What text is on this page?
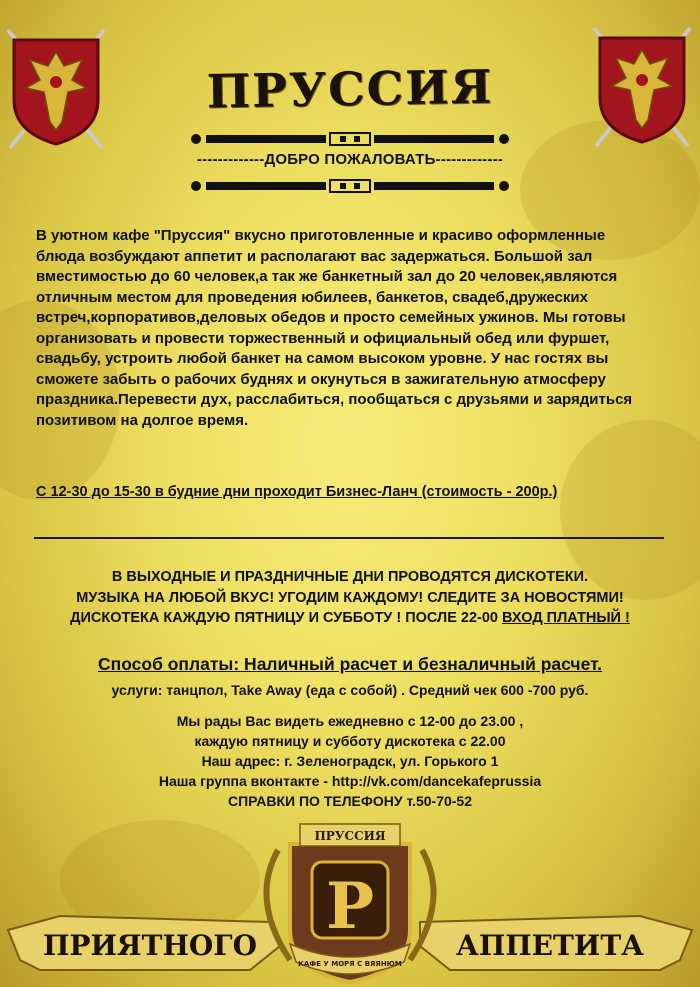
ПРУССИЯ
-------------ДОБРО ПОЖАЛОВАТЬ-------------
В уютном кафе "Пруссия" вкусно приготовленные и красиво оформленные
блюда возбуждают аппетит и располагают вас задержаться. Большой зал
вместимостью до 60 человек,а так же банкетный зал до 20 человек,являются
отличным местом для проведения юбилеев, банкетов, свадеб,дружеских
встреч,корпоративов,деловых обедов и просто семейных ужинов. Мы готовы
организовать и провести торжественный и официальный обед или фуршет,
свадьбу, устроить любой банкет на самом высоком уровне. У нас гостях вы
сможете забыть о рабочих буднях и окунуться в зажигательную атмосферу
праздника.Перевести дух, расслабиться, пообщаться с друзьями и зарядиться
позитивом на долгое время.
С 12-30 до 15-30 в будние дни проходит Бизнес-Ланч (стоимость - 200р.)
В ВЫХОДНЫЕ И ПРАЗДНИЧНЫЕ ДНИ ПРОВОДЯТСЯ ДИСКОТЕКИ.
МУЗЫКА НА ЛЮБОЙ ВКУС! УГОДИМ КАЖДОМУ! СЛЕДИТЕ ЗА НОВОСТЯМИ!
ДИСКОТЕКА КАЖДУЮ ПЯТНИЦУ И СУББОТУ ! ПОСЛЕ 22-00 ВХОД ПЛАТНЫЙ !
Способ оплаты: Наличный расчет и безналичный расчет.
услуги: танцпол, Take Away (еда с собой) . Средний чек 600 -700 руб.
Мы рады Вас видеть ежедневно с 12-00 до 23.00 ,
каждую пятницу и субботу дискотека с 22.00
Наш адрес: г. Зеленоградск, ул. Горького 1
Наша группа вконтакте - http://vk.com/dancekafeprussia
СПРАВКИ ПО ТЕЛЕФОНУ т.50-70-52
ПРУССИЯ
Р
КАФЕ У МОРЯ С ВЯЯНЮМ
ПРИЯТНОГО	АППЕТИТА
